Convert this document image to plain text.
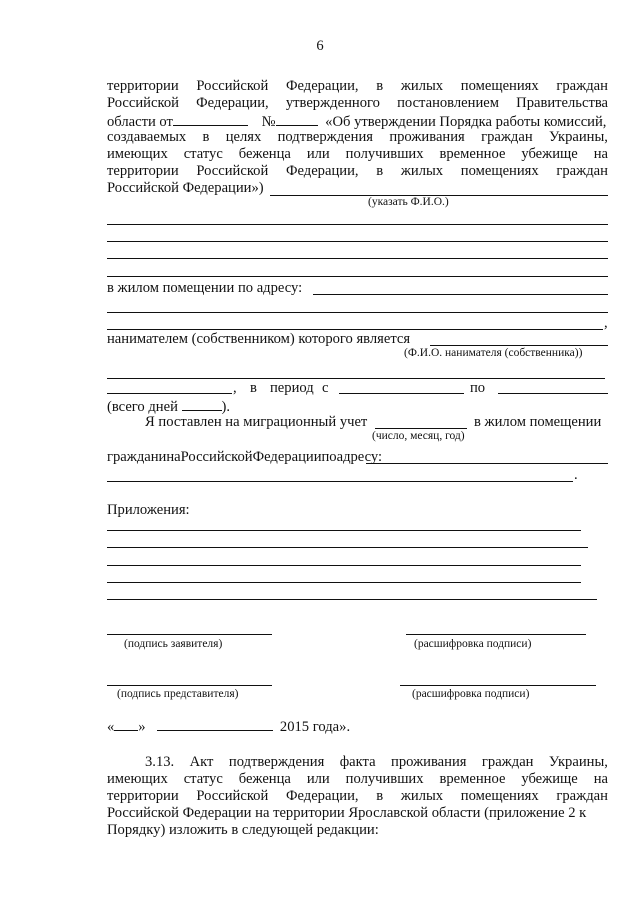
6
территории Российской Федерации, в жилых помещениях граждан
Российской Федерации, утвержденного постановлением Правительства
области от	№	«Об утверждении Порядка работы комиссий,
создаваемых в целях подтверждения проживания граждан Украины,
имеющих статус беженца или получивших временное убежище на
территории Российской Федерации, в жилых помещениях граждан
Российской Федерации»)
(указать Ф.И.О.)
в жилом помещении по адресу:
,
нанимателем (собственником) которого является
(Ф.И.О. нанимателя (собственника))
, в период с	по
(всего дней	).
Я поставлен на миграционный учет	в жилом помещении
(число, месяц, год)
гражданина Российской Федерации по адресу:
.
Приложения:
(подпись заявителя)	(расшифровка подписи)
(подпись представителя)	(расшифровка подписи)
« »	2015 года».
3.13. Акт подтверждения факта проживания граждан Украины,
имеющих статус беженца или получивших временное убежище на
территории Российской Федерации, в жилых помещениях граждан
Российской Федерации на территории Ярославской области (приложение 2 к
Порядку) изложить в следующей редакции:
